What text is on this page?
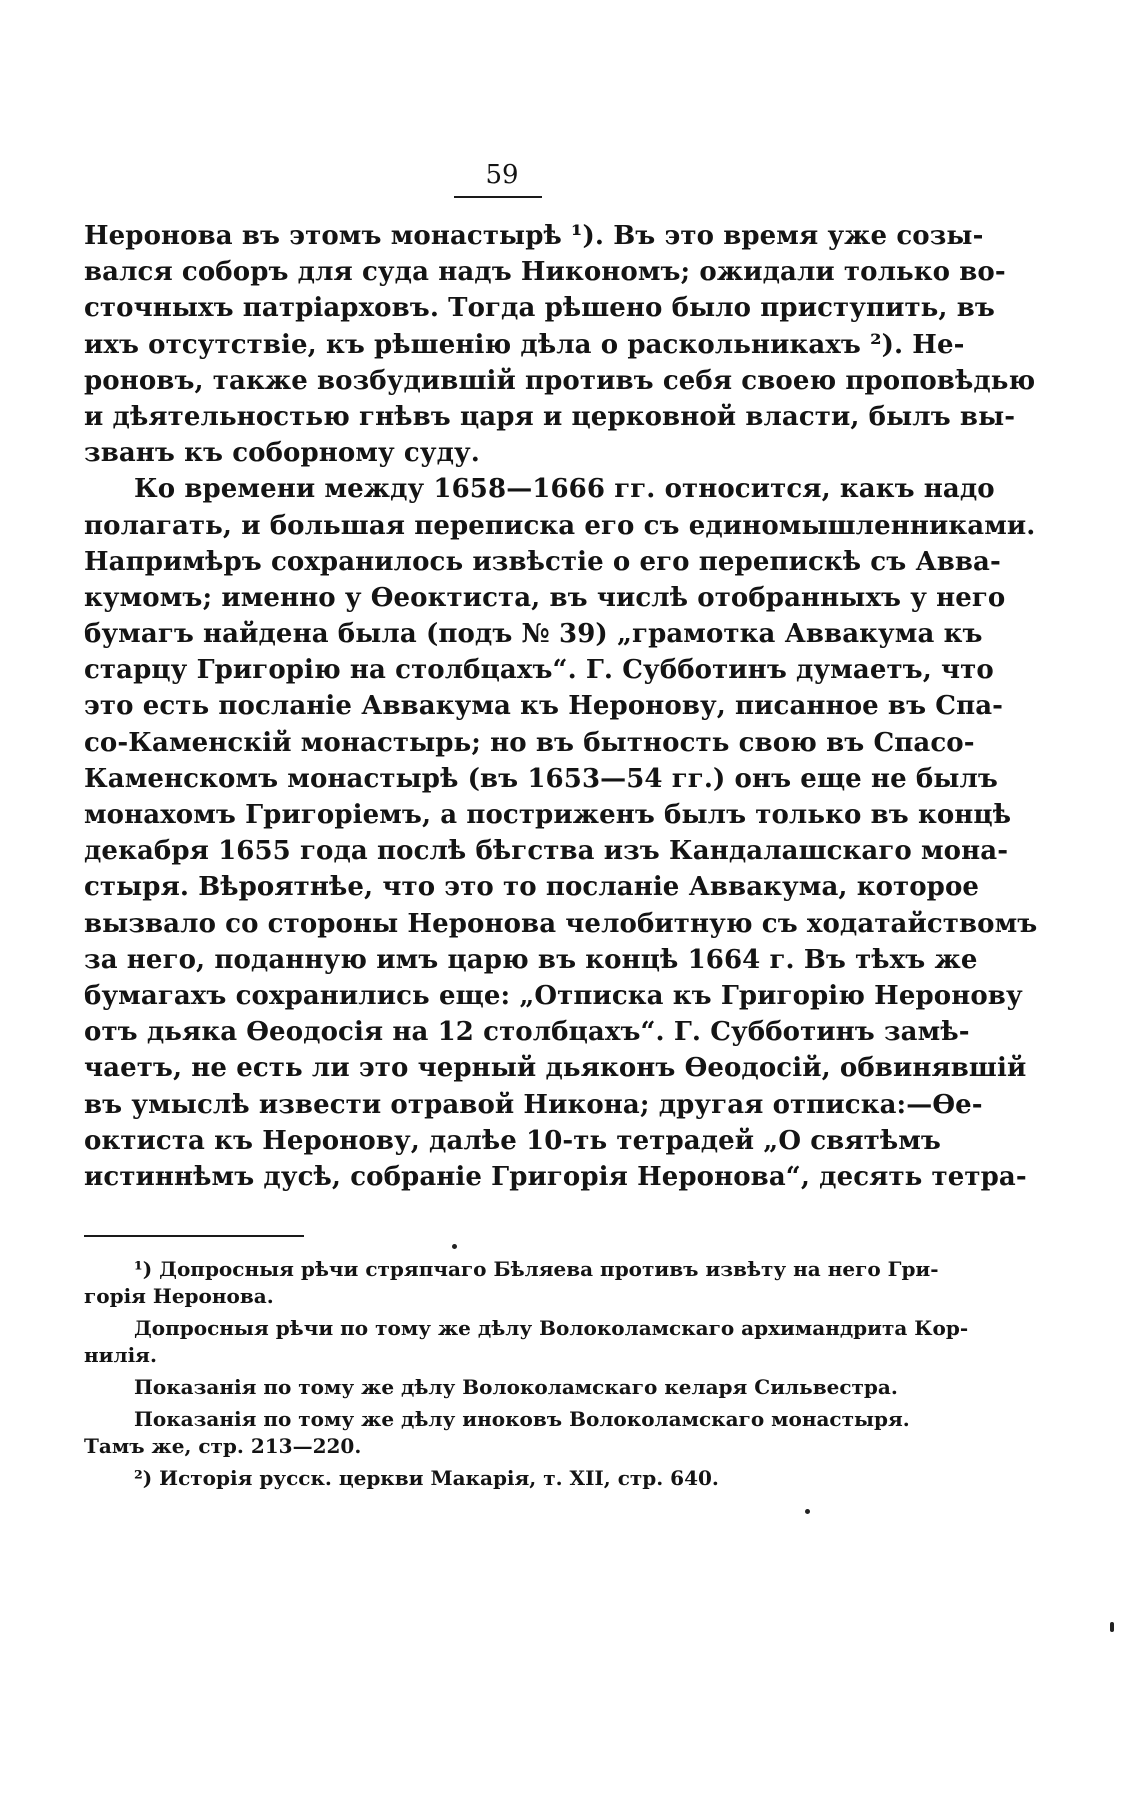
59
Неронова въ этомъ монастырѣ ¹). Въ это время уже созы-
вался соборъ для суда надъ Никономъ; ожидали только во-
сточныхъ патріарховъ. Тогда рѣшено было приступить, въ
ихъ отсутствіе, къ рѣшенію дѣла о раскольникахъ ²). Не-
роновъ, также возбудившій противъ себя своею проповѣдью
и дѣятельностью гнѣвъ царя и церковной власти, былъ вы-
званъ къ соборному суду.
Ко времени между 1658—1666 гг. относится, какъ надо
полагать, и большая переписка его съ единомышленниками.
Напримѣръ сохранилось извѣстіе о его перепискѣ съ Авва-
кумомъ; именно у Ѳеоктиста, въ числѣ отобранныхъ у него
бумагъ найдена была (подъ № 39) „грамотка Аввакума къ
старцу Григорію на столбцахъ“. Г. Субботинъ думаетъ, что
это есть посланіе Аввакума къ Неронову, писанное въ Спа-
со-Каменскій монастырь; но въ бытность свою въ Спасо-
Каменскомъ монастырѣ (въ 1653—54 гг.) онъ еще не былъ
монахомъ Григоріемъ, а постриженъ былъ только въ концѣ
декабря 1655 года послѣ бѣгства изъ Кандалашскаго мона-
стыря. Вѣроятнѣе, что это то посланіе Аввакума, которое
вызвало со стороны Неронова челобитную съ ходатайствомъ
за него, поданную имъ царю въ концѣ 1664 г. Въ тѣхъ же
бумагахъ сохранились еще: „Отписка къ Григорію Неронову
отъ дьяка Ѳеодосія на 12 столбцахъ“. Г. Субботинъ замѣ-
чаетъ, не есть ли это черный дьяконъ Ѳеодосій, обвинявшій
въ умыслѣ извести отравой Никона; другая отписка:—Ѳе-
октиста къ Неронову, далѣе 10-ть тетрадей „О святѣмъ
истиннѣмъ дусѣ, собраніе Григорія Неронова“, десять тетра-
¹) Допросныя рѣчи стряпчаго Бѣляева противъ извѣту на него Гри-
горія Неронова.
Допросныя рѣчи по тому же дѣлу Волоколамскаго архимандрита Кор-
нилія.
Показанія по тому же дѣлу Волоколамскаго келаря Сильвестра.
Показанія по тому же дѣлу иноковъ Волоколамскаго монастыря.
Тамъ же, стр. 213—220.
²) Исторія русск. церкви Макарія, т. XII, стр. 640.
